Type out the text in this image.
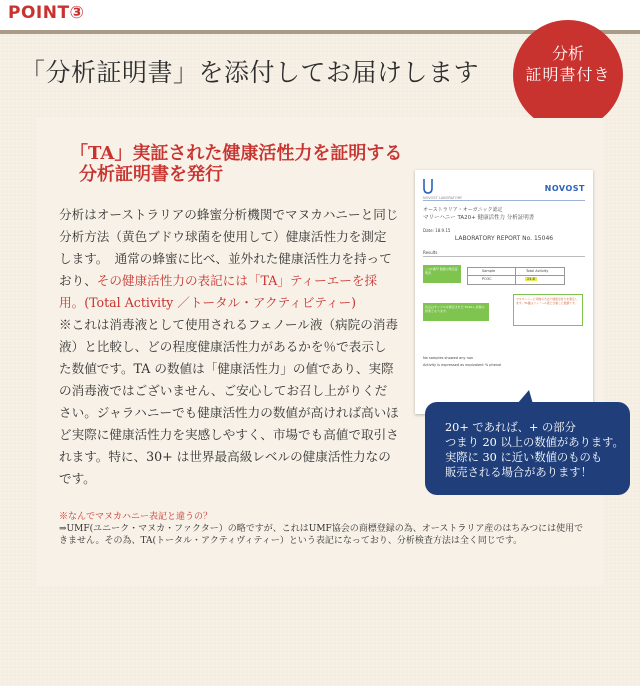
POINT③
「分析証明書」を添付してお届けします
分析
証明書付き
「TA」実証された健康活性力を証明する
分析証明書を発行
分析はオーストラリアの蜂蜜分析機関でマヌカハニーと同じ分析方法（黄色ブドウ球菌を使用して）健康活性力を測定します。　通常の蜂蜜に比べ、並外れた健康活性力を持っており、その健康活性力の表記には「TA」ティーエーを採用。(Total Activity ／トータル・アクティビティー)
※これは消毒液として使用されるフェノール液（病院の消毒液）と比較し、どの程度健康活性力があるかを％で表示した数値です。TA の数値は「健康活性力」の値であり、実際の消毒液ではございません、ご安心してお召し上がりください。ジャラハニーでも健康活性力の数値が高ければ高いほど実際に健康活性力を実感しやすく、市場でも高値で取引されます。特に、30+ は世界最高級レベルの健康活性力なのです。
※なんでマヌカハニー表記と違うの？
⇒UMF(ユニーク・マヌカ・ファクター）の略ですが、これはUMF協会の商標登録の為、オーストラリア産のはちみつには使用できません。その為、TA(トータル・アクティヴィティー）という表記になっており、分析検査方法は全く同じです。
NOVOST
NOVOST LABORATORY
オーストラリア・オーガニック認定
マリーハニー TA20+ 健康活性力 分析証明書
Date: 18.9.15
LABORATORY REPORT No. 15046
Results
このT番号 数値の測定証明書	Sample	Total Activity
PO3C	24.8
各点はサンプルを測定された TA20+ 評価の結果となります。
マヌカハニーと同様の方法で健康活性力を測定します。TA値はフェノール液と比較した数値です。
No samples showed any non
Activity is expressed as equivalent % phenol
20+ であれば、+ の部分
つまり 20 以上の数値があります。
実際に 30 に近い数値のものも
販売される場合があります！
